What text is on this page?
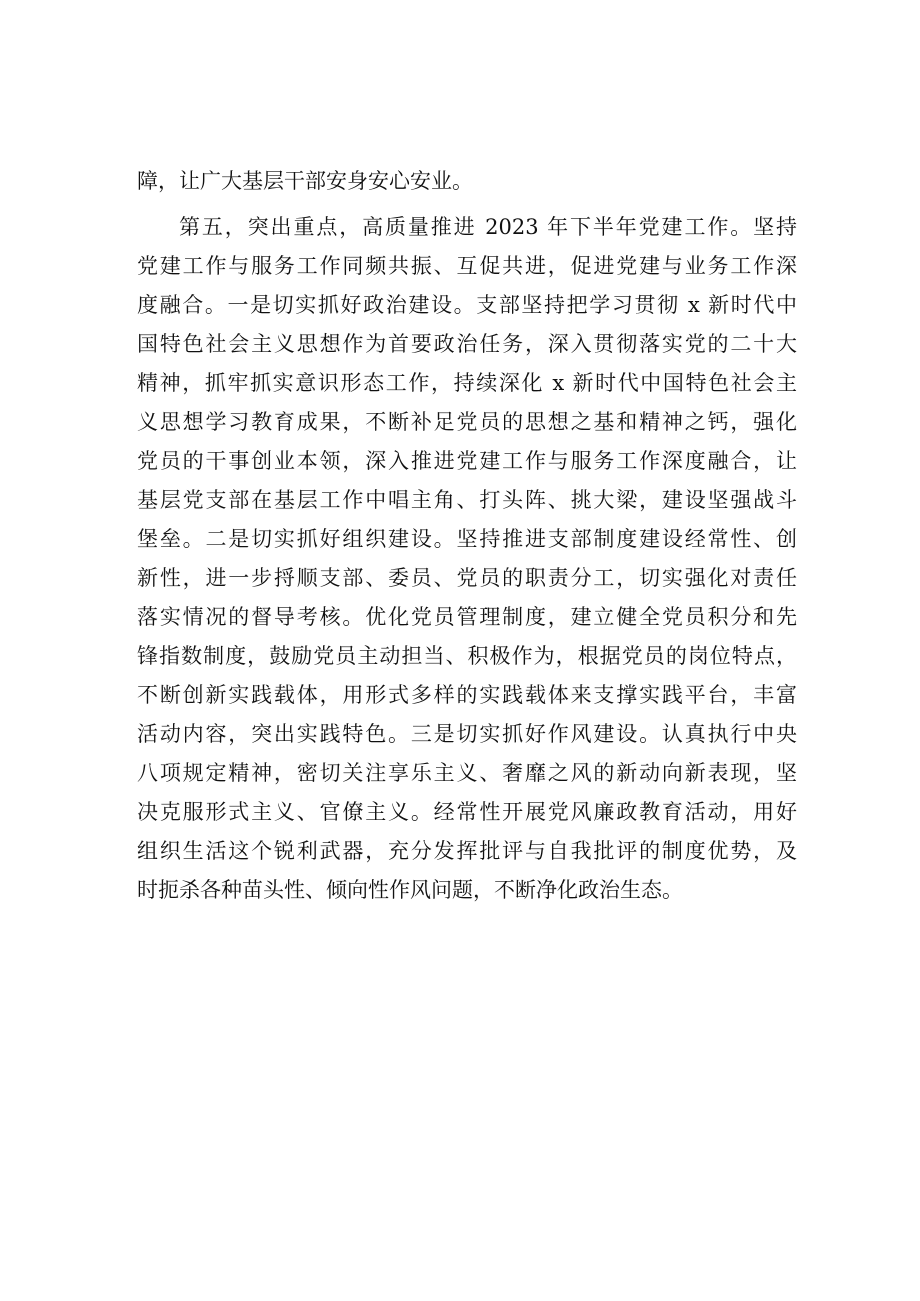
障，让广大基层干部安身安心安业。
第五，突出重点，高质量推进 2023 年下半年党建工作。坚持
党建工作与服务工作同频共振、互促共进，促进党建与业务工作深
度融合。一是切实抓好政治建设。支部坚持把学习贯彻 x 新时代中
国特色社会主义思想作为首要政治任务，深入贯彻落实党的二十大
精神，抓牢抓实意识形态工作，持续深化 x 新时代中国特色社会主
义思想学习教育成果，不断补足党员的思想之基和精神之钙，强化
党员的干事创业本领，深入推进党建工作与服务工作深度融合，让
基层党支部在基层工作中唱主角、打头阵、挑大梁，建设坚强战斗
堡垒。二是切实抓好组织建设。坚持推进支部制度建设经常性、创
新性，进一步捋顺支部、委员、党员的职责分工，切实强化对责任
落实情况的督导考核。优化党员管理制度，建立健全党员积分和先
锋指数制度，鼓励党员主动担当、积极作为，根据党员的岗位特点，
不断创新实践载体，用形式多样的实践载体来支撑实践平台，丰富
活动内容，突出实践特色。三是切实抓好作风建设。认真执行中央
八项规定精神，密切关注享乐主义、奢靡之风的新动向新表现，坚
决克服形式主义、官僚主义。经常性开展党风廉政教育活动，用好
组织生活这个锐利武器，充分发挥批评与自我批评的制度优势，及
时扼杀各种苗头性、倾向性作风问题，不断净化政治生态。
